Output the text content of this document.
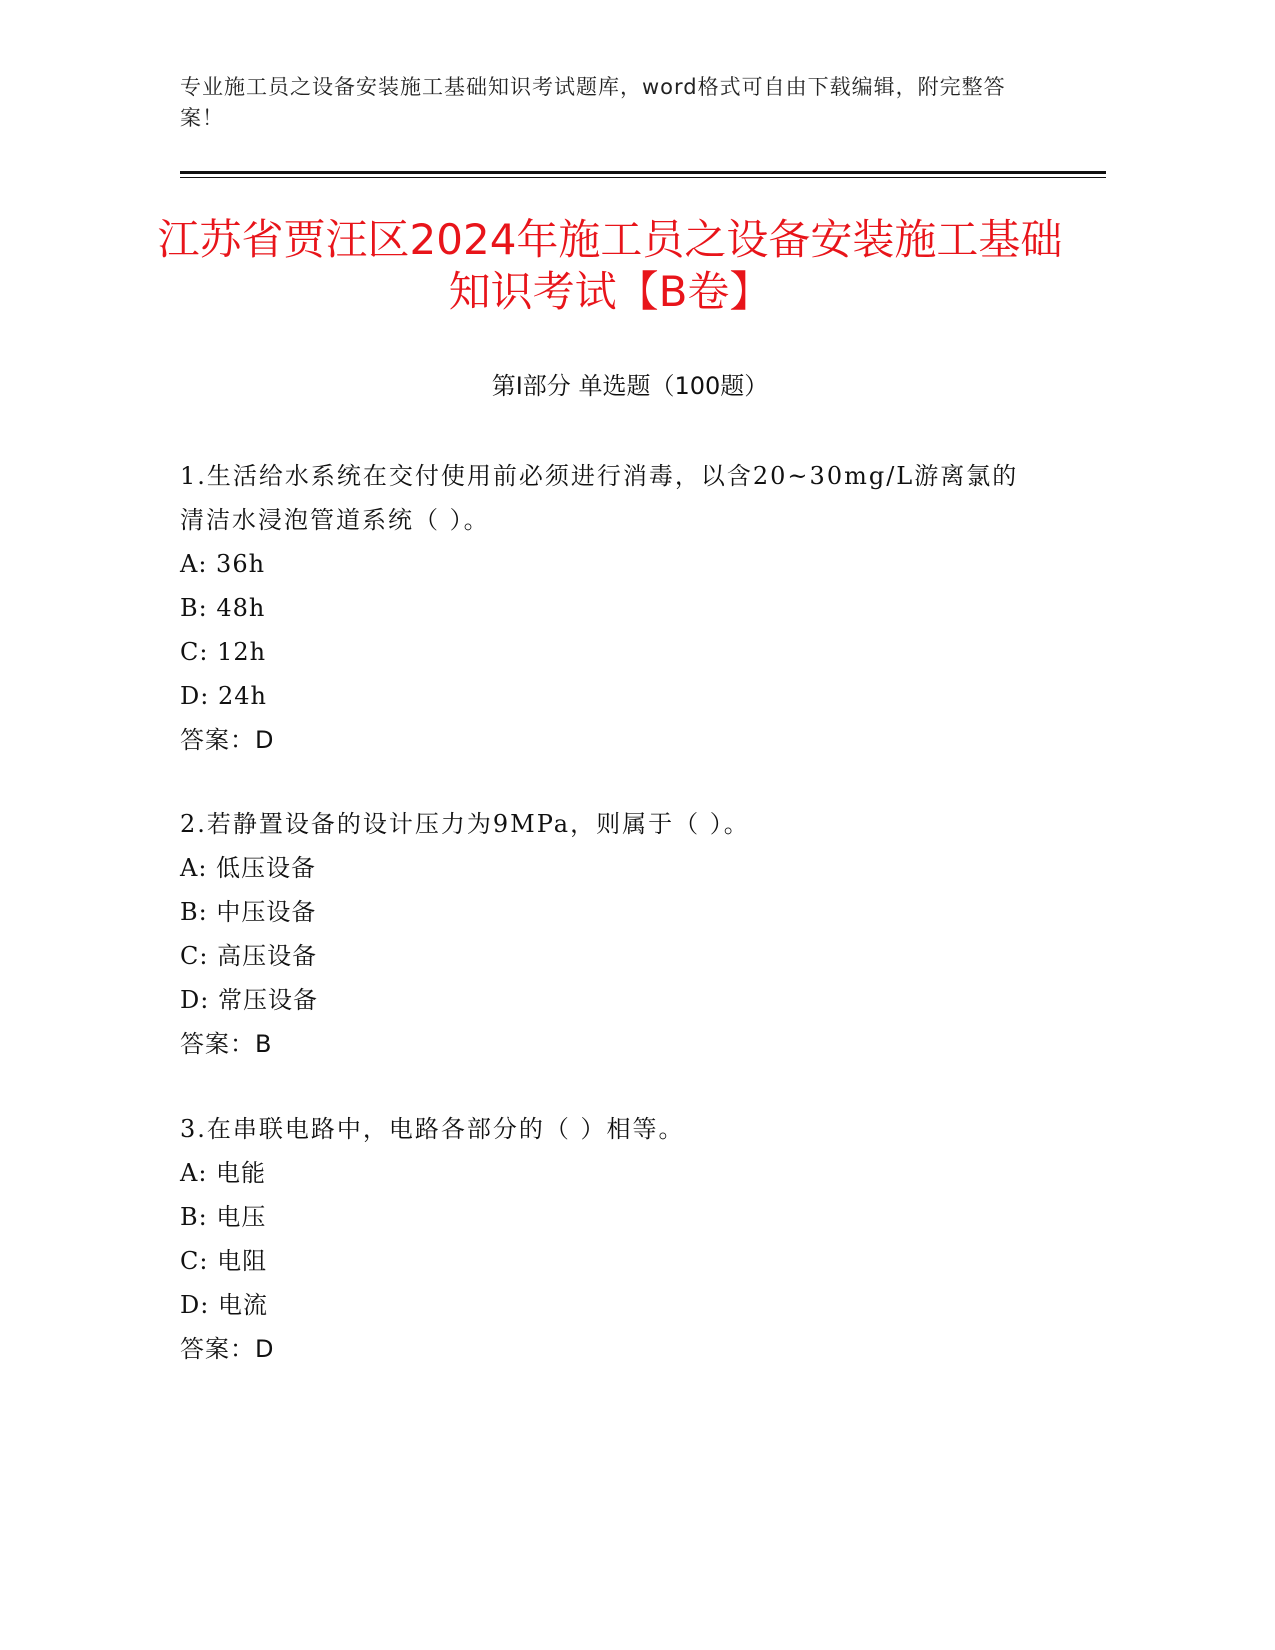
专业施工员之设备安装施工基础知识考试题库，word格式可自由下载编辑，附完整答案！

江苏省贾汪区2024年施工员之设备安装施工基础知识考试【B卷】
第Ⅰ部分 单选题（100题）

1.生活给水系统在交付使用前必须进行消毒，以含20~30mg/L游离氯的清洁水浸泡管道系统（ ）。

A: 36h

B: 48h

C: 12h

D: 24h

答案：D

2.若静置设备的设计压力为9MPa，则属于（ ）。

A: 低压设备

B: 中压设备

C: 高压设备

D: 常压设备

答案：B

3.在串联电路中，电路各部分的（ ）相等。

A: 电能

B: 电压

C: 电阻

D: 电流

答案：D
